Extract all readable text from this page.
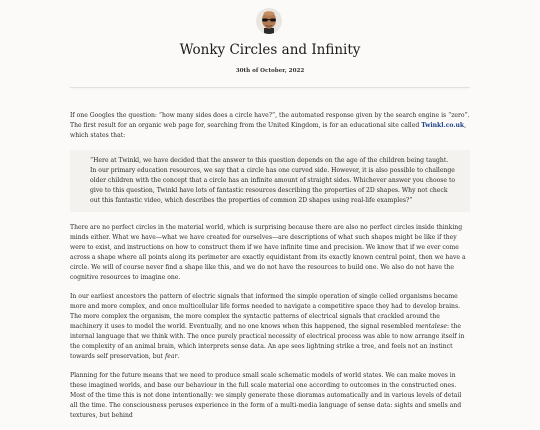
Wonky Circles and Infinity
30th of October, 2022

If one Googles the question: “how many sides does a circle have?”, the automated response given by the search engine is “zero”. The first result for an organic web page for, searching from the United Kingdom, is for an educational site called Twinkl.co.uk, which states that:

“Here at Twinkl, we have decided that the answer to this question depends on the age of the children being taught. In our primary education resources, we say that a circle has one curved side. However, it is also possible to challenge older children with the concept that a circle has an infinite amount of straight sides. Whichever answer you choose to give to this question, Twinkl have lots of fantastic resources describing the properties of 2D shapes. Why not check out this fantastic video, which describes the properties of common 2D shapes using real-life examples?”

There are no perfect circles in the material world, which is surprising because there are also no perfect circles inside thinking minds either. What we have—what we have created for ourselves—are descriptions of what such shapes might be like if they were to exist, and instructions on how to construct them if we have infinite time and precision. We know that if we ever come across a shape where all points along its perimeter are exactly equidistant from its exactly known central point, then we have a circle. We will of course never find a shape like this, and we do not have the resources to build one. We also do not have the cognitive resources to imagine one.

In our earliest ancestors the pattern of electric signals that informed the simple operation of single celled organisms became more and more complex, and once multicellular life forms needed to navigate a competitive space they had to develop brains. The more complex the organism, the more complex the syntactic patterns of electrical signals that crackled around the machinery it uses to model the world. Eventually, and no one knows when this happened, the signal resembled mentalese: the internal language that we think with. The once purely practical necessity of electrical process was able to now arrange itself in the complexity of an animal brain, which interprets sense data. An ape sees lightning strike a tree, and feels not an instinct towards self preservation, but fear.

Planning for the future means that we need to produce small scale schematic models of world states. We can make moves in these imagined worlds, and base our behaviour in the full scale material one according to outcomes in the constructed ones. Most of the time this is not done intentionally: we simply generate these dioramas automatically and in various levels of detail all the time. The consciousness peruses experience in the form of a multi-media language of sense data: sights and smells and textures, but behind
